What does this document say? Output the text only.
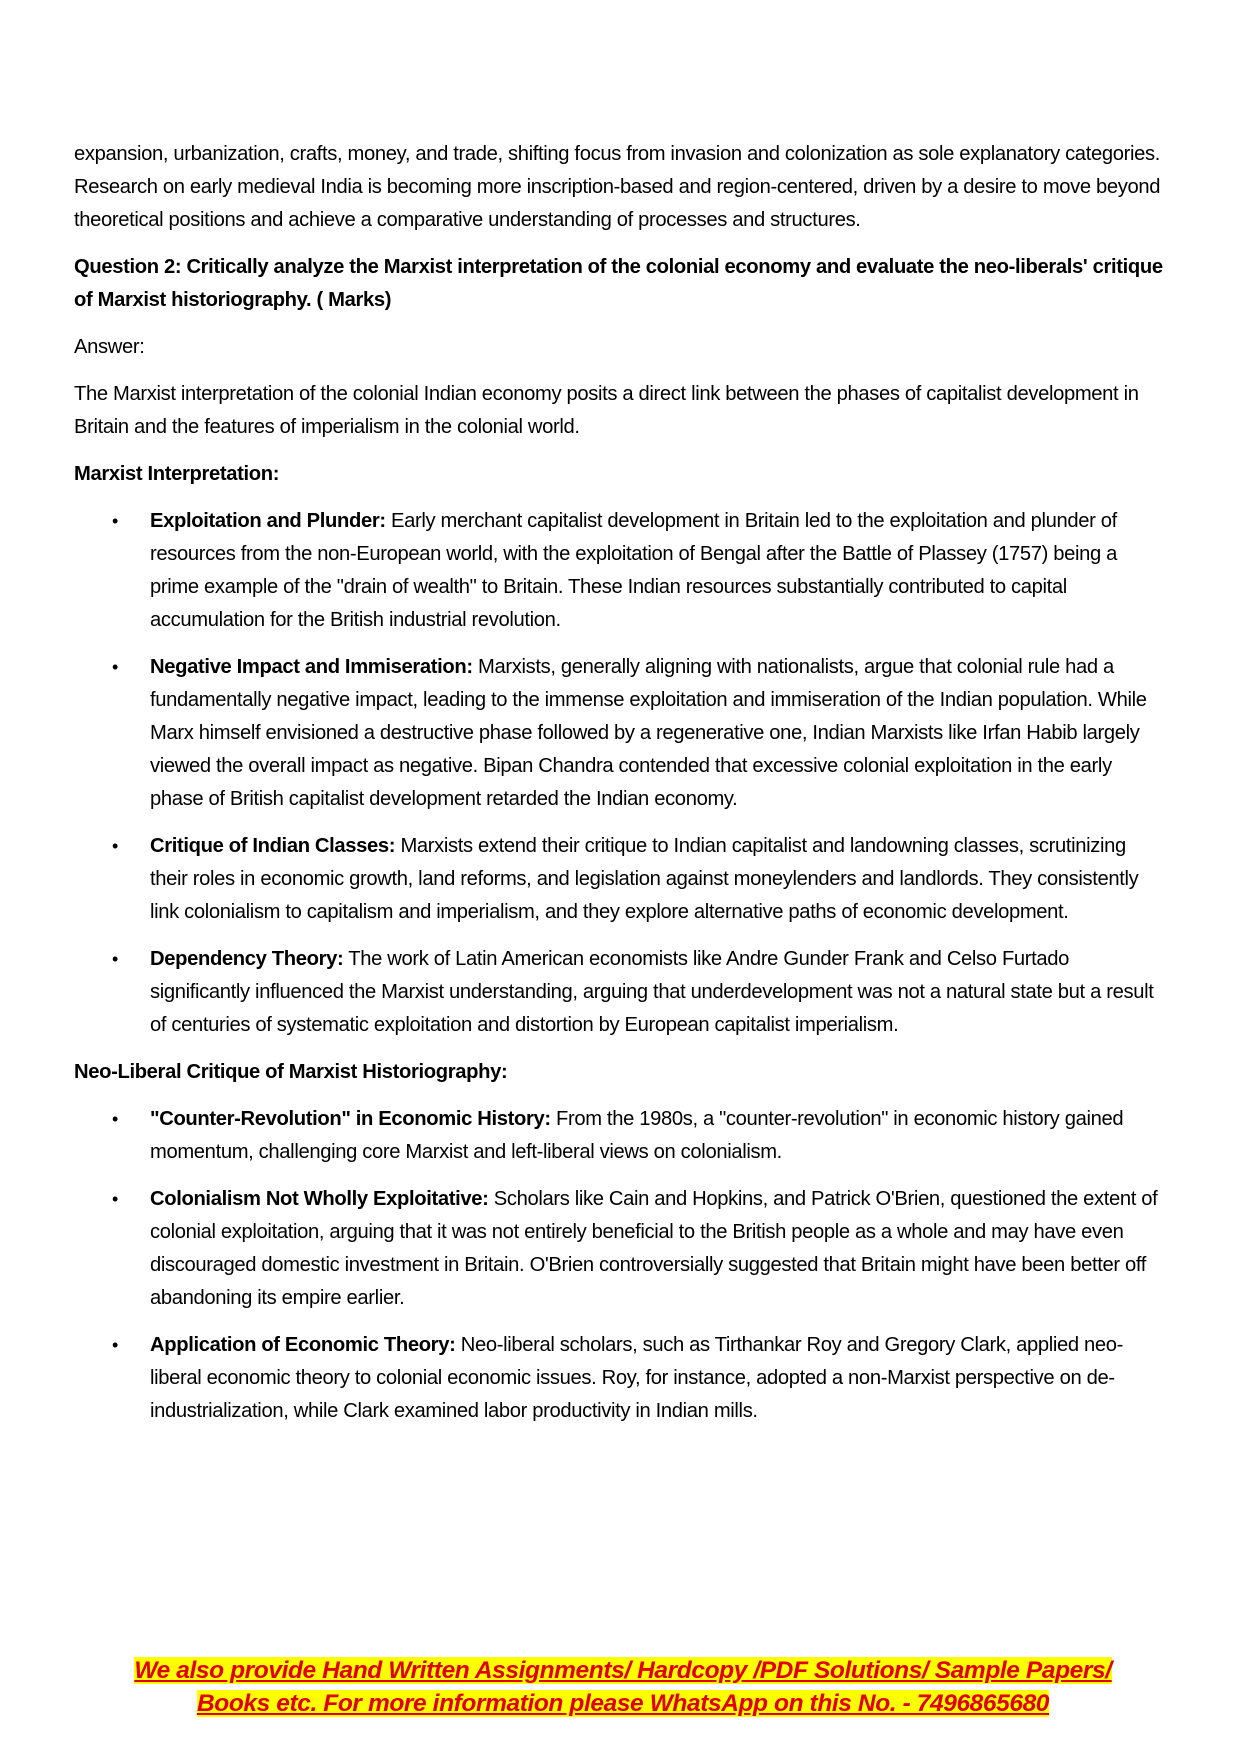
expansion, urbanization, crafts, money, and trade, shifting focus from invasion and colonization as sole explanatory categories. Research on early medieval India is becoming more inscription-based and region-centered, driven by a desire to move beyond theoretical positions and achieve a comparative understanding of processes and structures.

Question 2: Critically analyze the Marxist interpretation of the colonial economy and evaluate the neo-liberals' critique of Marxist historiography. ( Marks)

Answer:

The Marxist interpretation of the colonial Indian economy posits a direct link between the phases of capitalist development in Britain and the features of imperialism in the colonial world.

Marxist Interpretation:

• Exploitation and Plunder: Early merchant capitalist development in Britain led to the exploitation and plunder of resources from the non-European world, with the exploitation of Bengal after the Battle of Plassey (1757) being a prime example of the "drain of wealth" to Britain. These Indian resources substantially contributed to capital accumulation for the British industrial revolution.
• Negative Impact and Immiseration: Marxists, generally aligning with nationalists, argue that colonial rule had a fundamentally negative impact, leading to the immense exploitation and immiseration of the Indian population. While Marx himself envisioned a destructive phase followed by a regenerative one, Indian Marxists like Irfan Habib largely viewed the overall impact as negative. Bipan Chandra contended that excessive colonial exploitation in the early phase of British capitalist development retarded the Indian economy.
• Critique of Indian Classes: Marxists extend their critique to Indian capitalist and landowning classes, scrutinizing their roles in economic growth, land reforms, and legislation against moneylenders and landlords. They consistently link colonialism to capitalism and imperialism, and they explore alternative paths of economic development.
• Dependency Theory: The work of Latin American economists like Andre Gunder Frank and Celso Furtado significantly influenced the Marxist understanding, arguing that underdevelopment was not a natural state but a result of centuries of systematic exploitation and distortion by European capitalist imperialism.

Neo-Liberal Critique of Marxist Historiography:

• "Counter-Revolution" in Economic History: From the 1980s, a "counter-revolution" in economic history gained momentum, challenging core Marxist and left-liberal views on colonialism.
• Colonialism Not Wholly Exploitative: Scholars like Cain and Hopkins, and Patrick O'Brien, questioned the extent of colonial exploitation, arguing that it was not entirely beneficial to the British people as a whole and may have even discouraged domestic investment in Britain. O'Brien controversially suggested that Britain might have been better off abandoning its empire earlier.
• Application of Economic Theory: Neo-liberal scholars, such as Tirthankar Roy and Gregory Clark, applied neo-liberal economic theory to colonial economic issues. Roy, for instance, adopted a non-Marxist perspective on de-industrialization, while Clark examined labor productivity in Indian mills.
We also provide Hand Written Assignments/ Hardcopy /PDF Solutions/ Sample Papers/
Books etc. For more information please WhatsApp on this No. - 7496865680
